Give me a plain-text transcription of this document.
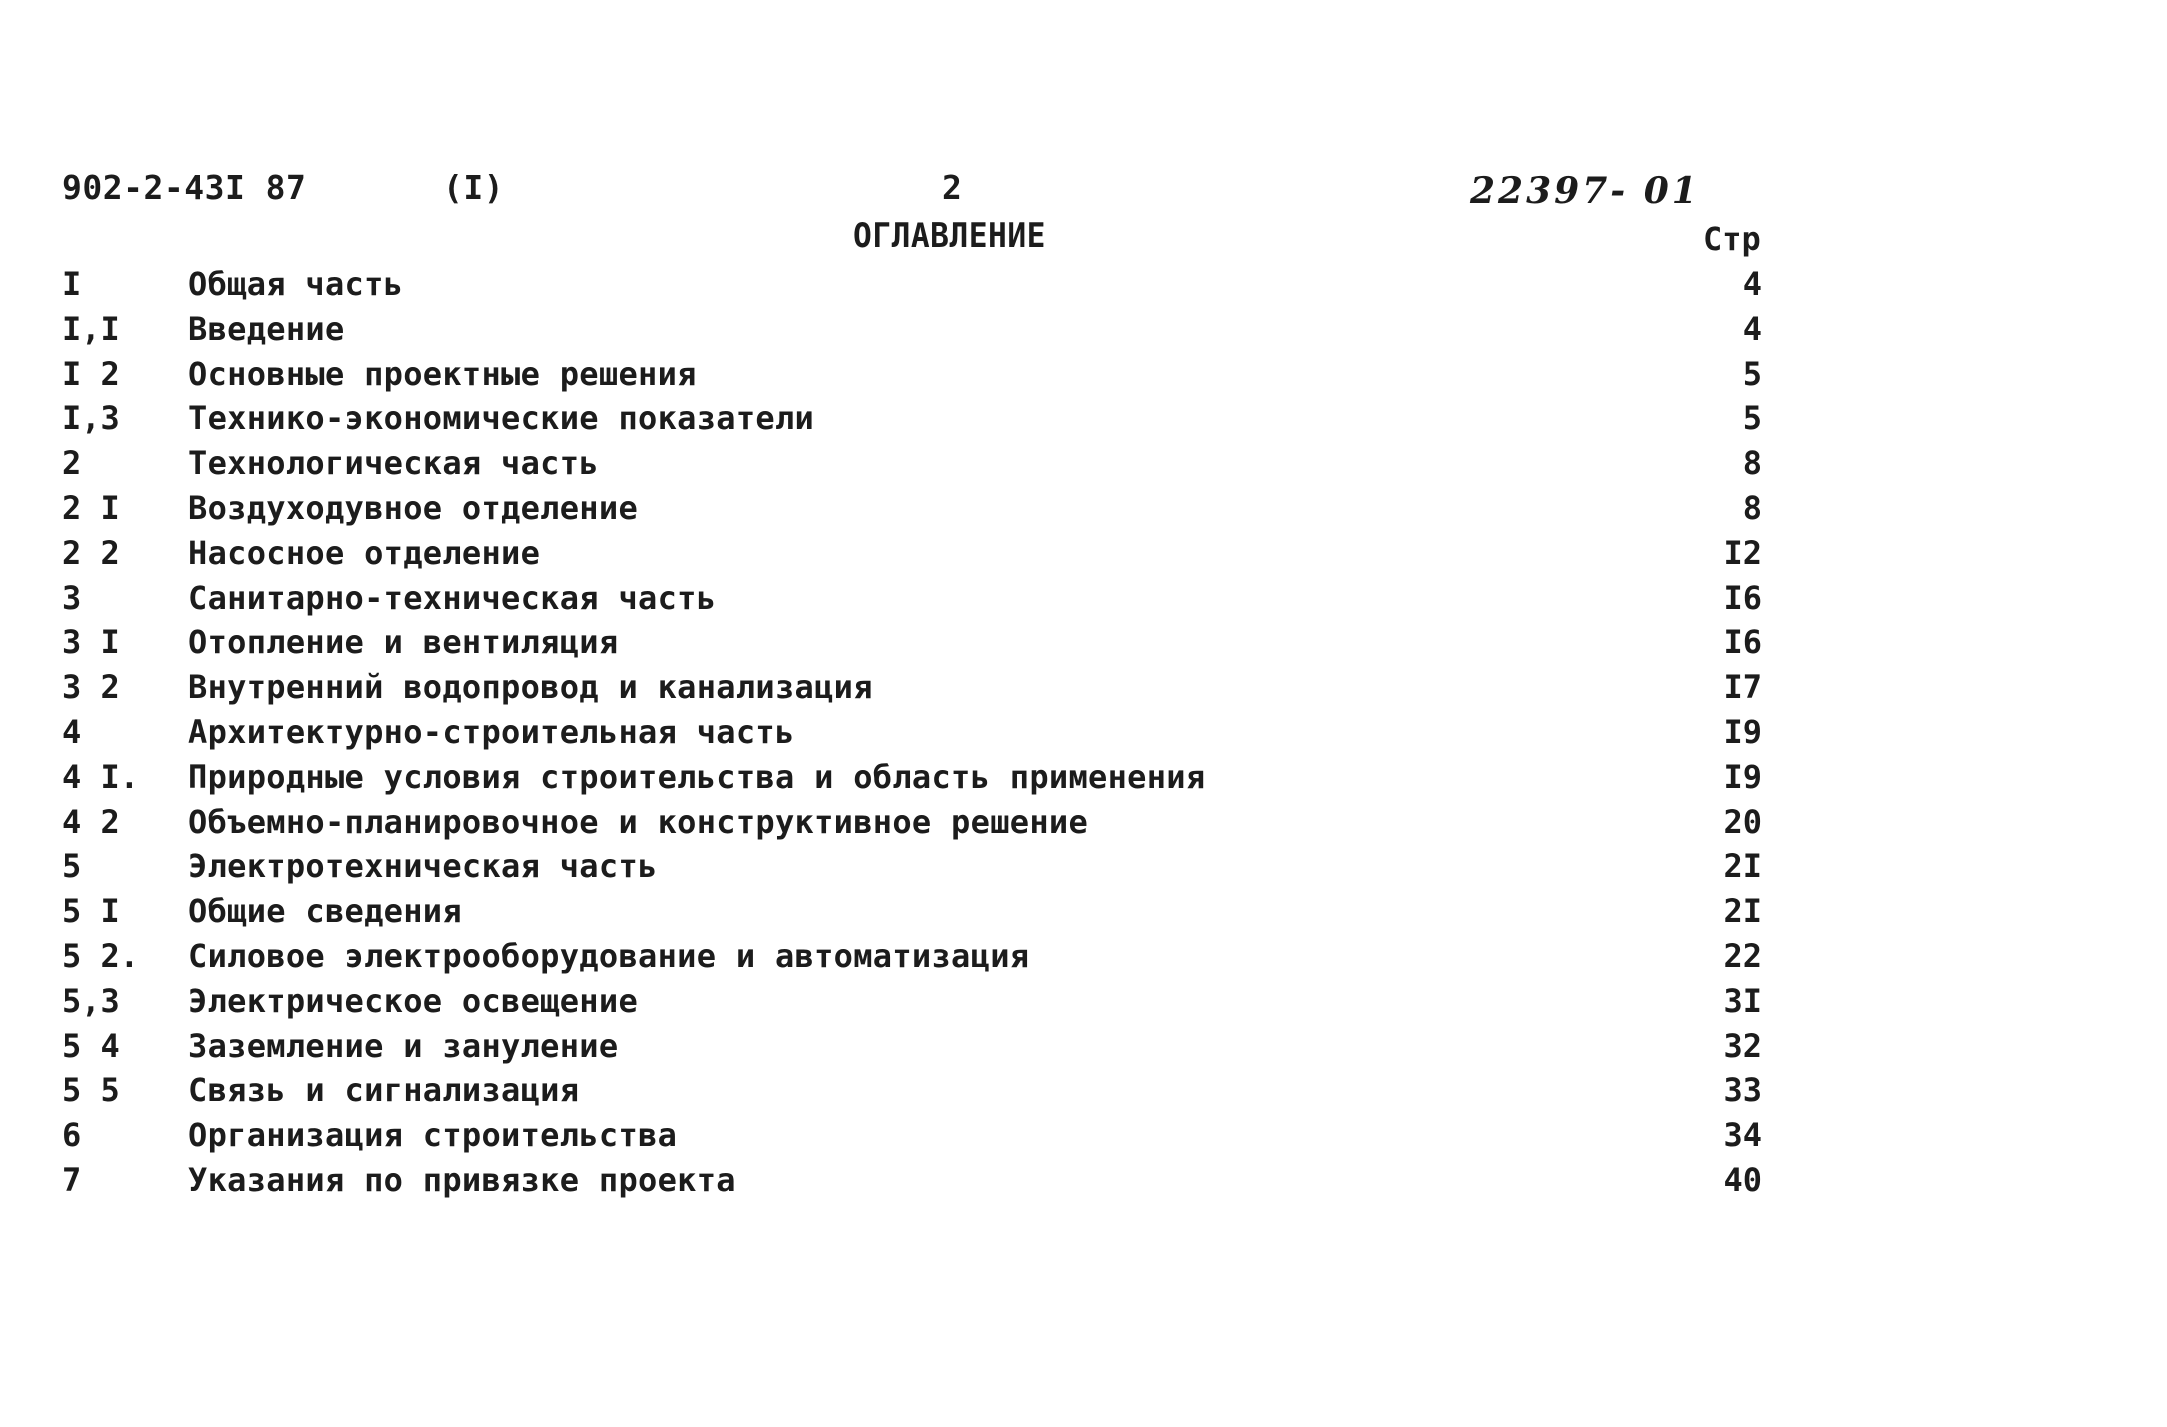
902-2-43I 87	(I)	2	22397- 01
ОГЛАВЛЕНИЕ	Стр
I	Общая часть	4
I,I Введение	4
I 2 Основные проектные решения	5
I,3 Технико-экономические показатели	5
2	Технологическая часть	8
2 I Воздуходувное отделение	8
2 2 Насосное отделение	I2
3	Санитарно-техническая часть	I6
3 I Отопление и вентиляция	I6
3 2 Внутренний водопровод и канализация	I7
4	Архитектурно-строительная часть	I9
4 I. Природные условия строительства и область применения	I9
4 2 Объемно-планировочное и конструктивное решение	20
5	Электротехническая часть	2I
5 I Общие сведения	2I
5 2. Силовое электрооборудование и автоматизация	22
5,3 Электрическое освещение	3I
5 4 Заземление и зануление	32
5 5 Связь и сигнализация	33
6	Организация строительства	34
7	Указания по привязке проекта	40
